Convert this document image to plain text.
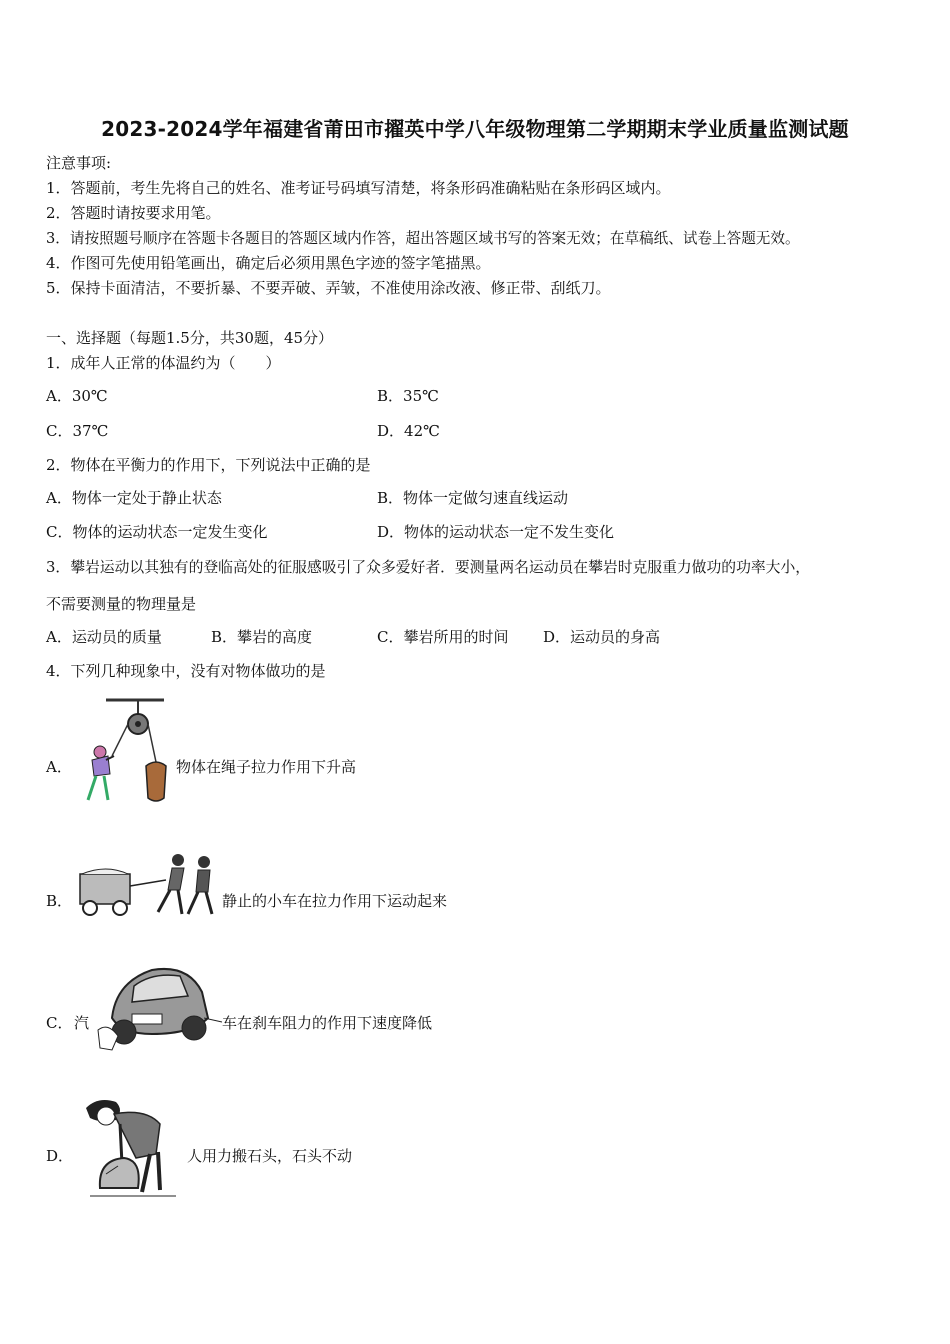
2023-2024学年福建省莆田市擢英中学八年级物理第二学期期末学业质量监测试题
注意事项:
1．答题前，考生先将自己的姓名、准考证号码填写清楚，将条形码准确粘贴在条形码区域内。
2．答题时请按要求用笔。
3．请按照题号顺序在答题卡各题目的答题区域内作答，超出答题区域书写的答案无效；在草稿纸、试卷上答题无效。
4．作图可先使用铅笔画出，确定后必须用黑色字迹的签字笔描黑。
5．保持卡面清洁，不要折暴、不要弄破、弄皱，不准使用涂改液、修正带、刮纸刀。
一、选择题（每题1.5分，共30题，45分）
1．成年人正常的体温约为（　　）
A．30℃	B．35℃
C．37℃	D．42℃
2．物体在平衡力的作用下，下列说法中正确的是
A．物体一定处于静止状态	B．物体一定做匀速直线运动
C．物体的运动状态一定发生变化	D．物体的运动状态一定不发生变化
3．攀岩运动以其独有的登临高处的征服感吸引了众多爱好者．要测量两名运动员在攀岩时克服重力做功的功率大小，
不需要测量的物理量是
A．运动员的质量	B．攀岩的高度	C．攀岩所用的时间 D．运动员的身高
4．下列几种现象中，没有对物体做功的是
A．	物体在绳子拉力作用下升高
B．	静止的小车在拉力作用下运动起来
C． 汽	车在刹车阻力的作用下速度降低
D．	人用力搬石头，石头不动
